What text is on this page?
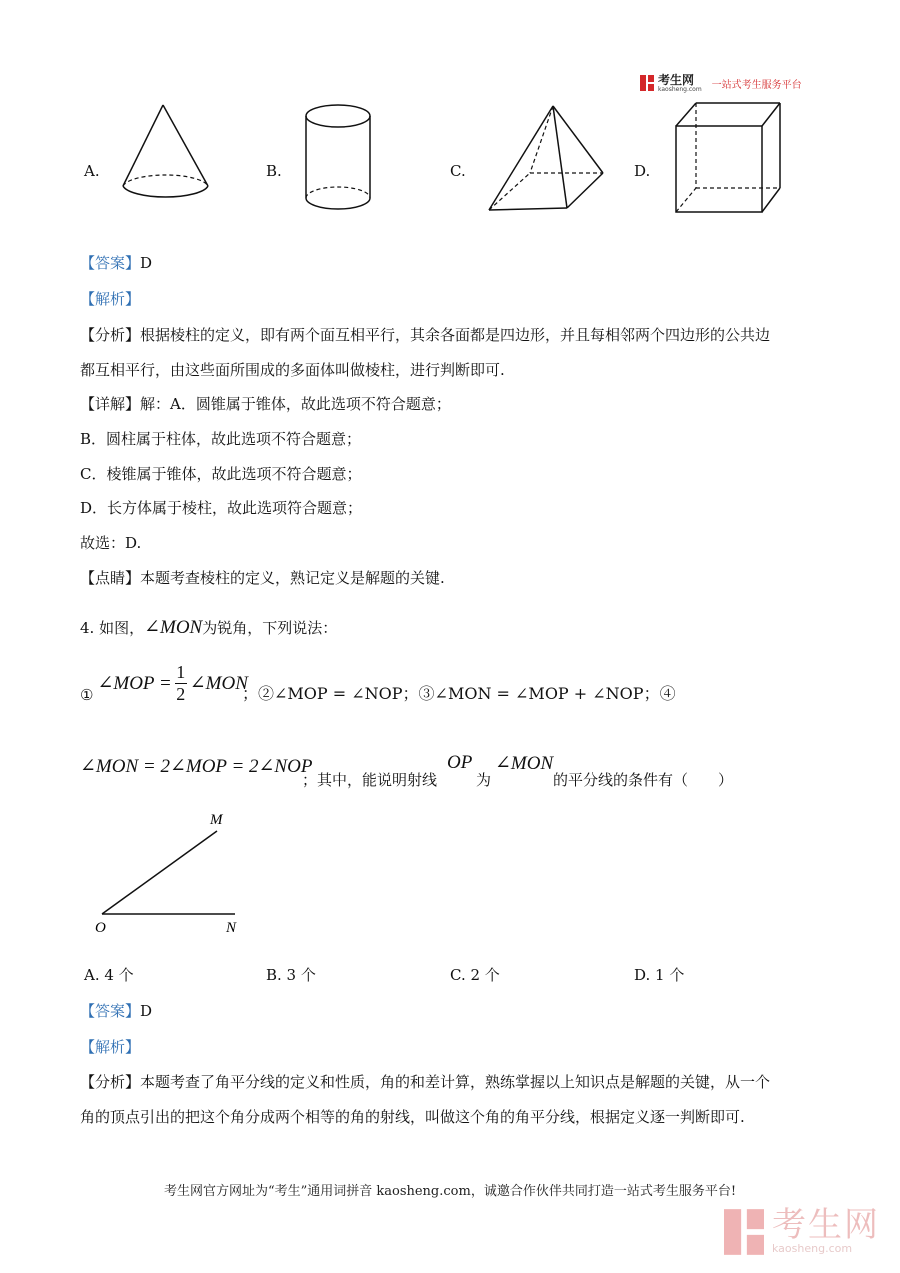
考生网
kaosheng.com 一站式考生服务平台
A.	B.	C.	D.
【答案】D
【解析】
【分析】根据棱柱的定义，即有两个面互相平行，其余各面都是四边形，并且每相邻两个四边形的公共边
都互相平行，由这些面所围成的多面体叫做棱柱，进行判断即可.
【详解】解：A．圆锥属于锥体，故此选项不符合题意；
B．圆柱属于柱体，故此选项不符合题意；
C．棱锥属于锥体，故此选项不符合题意；
D．长方体属于棱柱，故此选项符合题意；
故选：D.
【点睛】本题考查棱柱的定义，熟记定义是解题的关键.
4. 如图，∠MON为锐角，下列说法：
①
∠MOP =
1
2 ∠MON
；②∠MOP = ∠NOP；③∠MON = ∠MOP + ∠NOP；④
∠MON = 2∠MOP = 2∠NOP
；其中，能说明射线
OP
为
∠MON
的平分线的条件有（　　）
M
O	N
A. 4 个	B. 3 个	C. 2 个	D. 1 个
【答案】D
【解析】
【分析】本题考查了角平分线的定义和性质，角的和差计算，熟练掌握以上知识点是解题的关键，从一个
角的顶点引出的把这个角分成两个相等的角的射线，叫做这个角的角平分线，根据定义逐一判断即可.
考生网官方网址为“考生”通用词拼音 kaosheng.com，诚邀合作伙伴共同打造一站式考生服务平台!
考生网
kaosheng.com
